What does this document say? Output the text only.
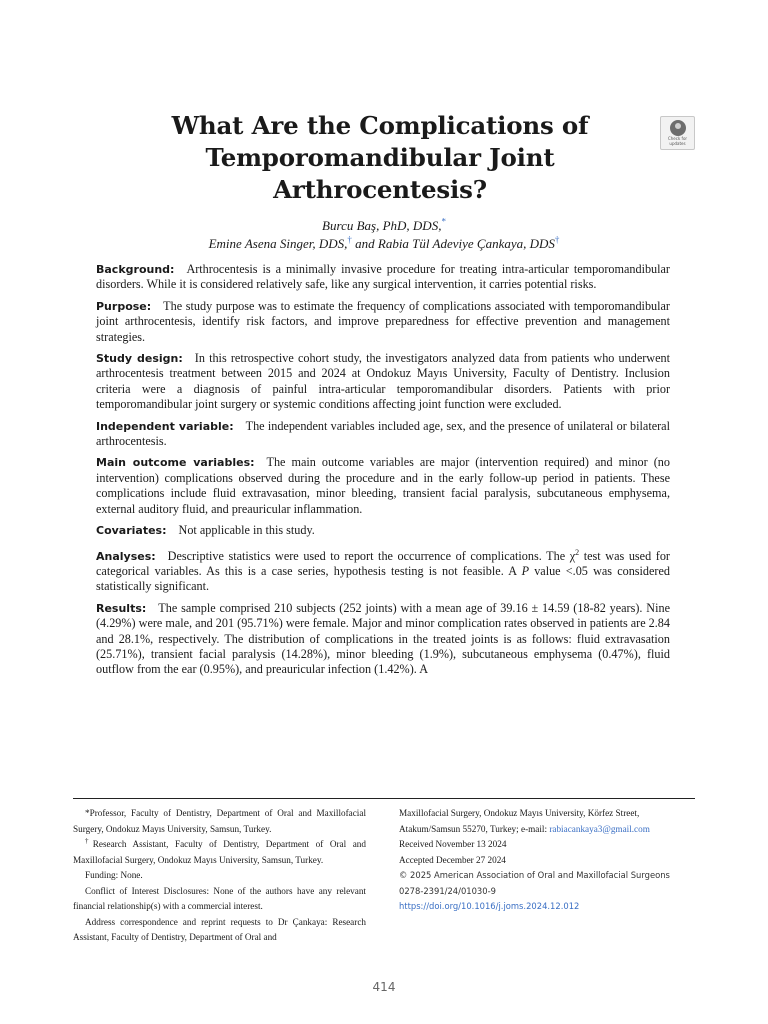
What Are the Complications of Temporomandibular Joint Arthrocentesis?
Check for updates
Burcu Baş, PhD, DDS,*
Emine Asena Singer, DDS,† and Rabia Tül Adeviye Çankaya, DDS†

Background: Arthrocentesis is a minimally invasive procedure for treating intra-articular temporomandibular disorders. While it is considered relatively safe, like any surgical intervention, it carries potential risks.

Purpose: The study purpose was to estimate the frequency of complications associated with temporomandibular joint arthrocentesis, identify risk factors, and improve preparedness for effective prevention and management strategies.

Study design: In this retrospective cohort study, the investigators analyzed data from patients who underwent arthrocentesis treatment between 2015 and 2024 at Ondokuz Mayıs University, Faculty of Dentistry. Inclusion criteria were a diagnosis of painful intra-articular temporomandibular disorders. Patients with prior temporomandibular joint surgery or systemic conditions affecting joint function were excluded.

Independent variable: The independent variables included age, sex, and the presence of unilateral or bilateral arthrocentesis.

Main outcome variables: The main outcome variables are major (intervention required) and minor (no intervention) complications observed during the procedure and in the early follow-up period in patients. These complications include fluid extravasation, minor bleeding, transient facial paralysis, subcutaneous emphysema, external auditory fluid, and preauricular inflammation.

Covariates: Not applicable in this study.

Analyses: Descriptive statistics were used to report the occurrence of complications. The $\chi^2$ test was used for categorical variables. As this is a case series, hypothesis testing is not feasible. A P value <.05 was considered statistically significant.

Results: The sample comprised 210 subjects (252 joints) with a mean age of 39.16 ± 14.59 (18-82 years). Nine (4.29%) were male, and 201 (95.71%) were female. Major and minor complication rates observed in patients are 2.84 and 28.1%, respectively. The distribution of complications in the treated joints is as follows: fluid extravasation (25.71%), transient facial paralysis (14.28%), minor bleeding (1.9%), subcutaneous emphysema (0.47%), fluid outflow from the ear (0.95%), and preauricular infection (1.42%). A

*Professor, Faculty of Dentistry, Department of Oral and Maxillofacial Surgery, Ondokuz Mayıs University, Samsun, Turkey.

†Research Assistant, Faculty of Dentistry, Department of Oral and Maxillofacial Surgery, Ondokuz Mayıs University, Samsun, Turkey.

Funding: None.

Conflict of Interest Disclosures: None of the authors have any relevant financial relationship(s) with a commercial interest.

Address correspondence and reprint requests to Dr Çankaya: Research Assistant, Faculty of Dentistry, Department of Oral and

Maxillofacial Surgery, Ondokuz Mayıs University, Körfez Street, Atakum/Samsun 55270, Turkey; e-mail: rabiacankaya3@gmail.com

Received November 13 2024

Accepted December 27 2024

© 2025 American Association of Oral and Maxillofacial Surgeons

0278-2391/24/01030-9

https://doi.org/10.1016/j.joms.2024.12.012

414
